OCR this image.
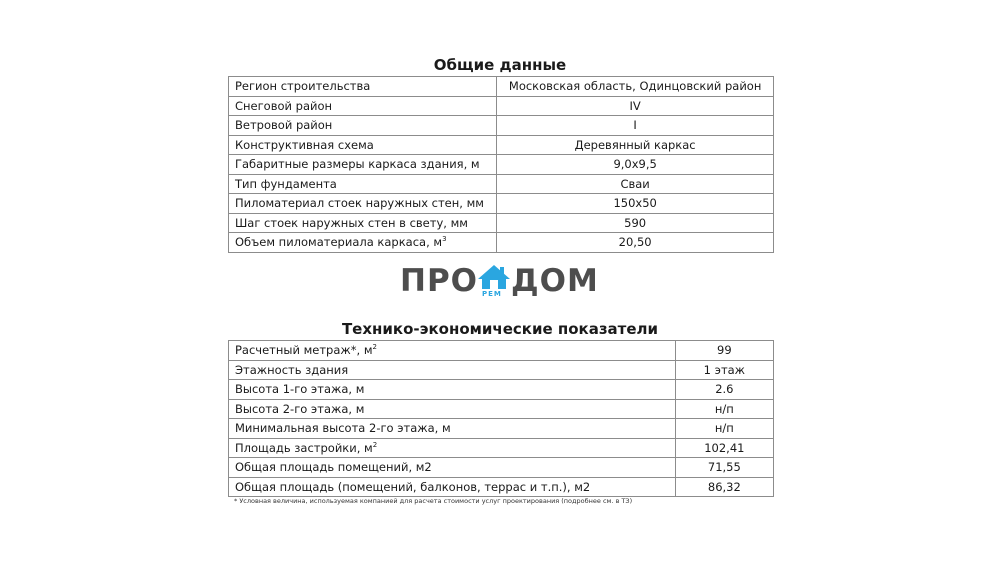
Общие данные
Регион строительства	Московская область, Одинцовский район
Снеговой район	IV
Ветровой район	I
Конструктивная схема	Деревянный каркас
Габаритные размеры каркаса здания, м	9,0х9,5
Тип фундамента	Сваи
Пиломатериал стоек наружных стен, мм	150х50
Шаг стоек наружных стен в свету, мм	590
Объем пиломатериала каркаса, $м^3$	20,50
ПРО РЕМ ДОМ
Технико-экономические показатели
Расчетный метраж*, $м^2$	99
Этажность здания	1 этаж
Высота 1-го этажа, м	2.6
Высота 2-го этажа, м	н/п
Минимальная высота 2-го этажа, м	н/п
Площадь застройки, $м^2$	102,41
Общая площадь помещений, м2	71,55
Общая площадь (помещений, балконов, террас и т.п.), м2	86,32
* Условная величина, используемая компанией для расчета стоимости услуг проектирования (подробнее см. в ТЗ)
